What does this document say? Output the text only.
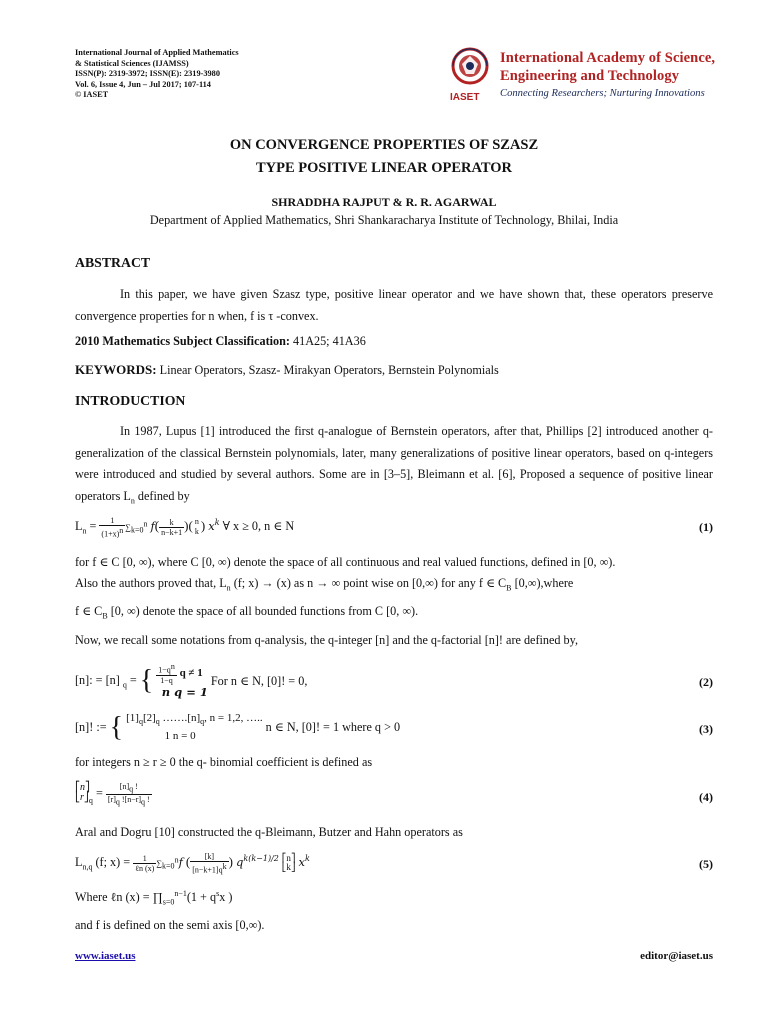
International Journal of Applied Mathematics
& Statistical Sciences (IJAMSS)
ISSN(P): 2319-3972; ISSN(E): 2319-3980
Vol. 6, Issue 4, Jun – Jul 2017; 107-114
© IASET	IASET
International Academy of Science,
Engineering and Technology
Connecting Researchers; Nurturing Innovations
ON CONVERGENCE PROPERTIES OF SZASZ
TYPE POSITIVE LINEAR OPERATOR
SHRADDHA RAJPUT & R. R. AGARWAL
Department of Applied Mathematics, Shri Shankaracharya Institute of Technology, Bhilai, India
ABSTRACT
In this paper, we have given Szasz type, positive linear operator and we have shown that, these operators preserve convergence properties for n when, f is τ -convex.
2010 Mathematics Subject Classification: 41A25; 41A36
KEYWORDS: Linear Operators, Szasz- Mirakyan Operators, Bernstein Polynomials
INTRODUCTION
In 1987, Lupus [1] introduced the first q-analogue of Bernstein operators, after that, Phillips [2] introduced another q-generalization of the classical Bernstein polynomials, later, many generalizations of positive linear operators, based on q-integers were introduced and studied by several authors. Some are in [3–5], Bleimann et al. [6], Proposed a sequence of positive linear operators $L_n$ defined by
$L_n = \frac{1}{(1+x)^n} \sum_{k=0}^n$ $f( \frac{k}{n-k+1}$ )( n
k ) $x^k$ ∀ x ≥ 0, n ∈ N	(1)
for f ∈ C [0, ∞), where C [0, ∞) denote the space of all continuous and real valued functions, defined in [0, ∞).
Also the authors proved that, $L_n$ (f; x) → (x) as n → ∞ point wise on [0,∞) for any f ∈ $C_B$ [0,∞),where
f ∈ $C_B$ [0, ∞) denote the space of all bounded functions from C [0, ∞).
Now, we recall some notations from q-analysis, the q-integer [n] and the q-factorial [n]! are defined by,
[n]: = [n] $_q$ = { $\frac{1-q^n}{1-q}$ q ≠ 1
n q = 1 For n ∈ N, [0]! = 0,	(2)
[n]! := { $[1]_q[2]_q$ $\dots\dots.[n]_q$, n = 1,2, …..
1 n = 0 n ∈ N, [0]! = 1 where q > 0	(3)
for integers n ≥ r ≥ 0 the q- binomial coefficient is defined as
⎡n⎤
$⎣r⎦_q = \frac{[n]_q !}{[r]_q ![n-r]_q !}$	(4)
Aral and Dogru [10] constructed the q-Bleimann, Butzer and Hahn operators as
$L_{n,q}$ (f; $x) = \frac{1}{\text{ℓn (x)}} \sum_{k=0}^nf$ ( $\frac{[k]}{[n-k+1]q^k}$ ) $q^{k(k-1)/2}$ ⎡n⎤
⎣k⎦ $x^k$	(5)
Where ℓn $(x) = \prod_{s=0}^{n-1}(1 + q^sx$ )
and f is defined on the semi axis [0,∞).
www.iaset.us	editor@iaset.us
